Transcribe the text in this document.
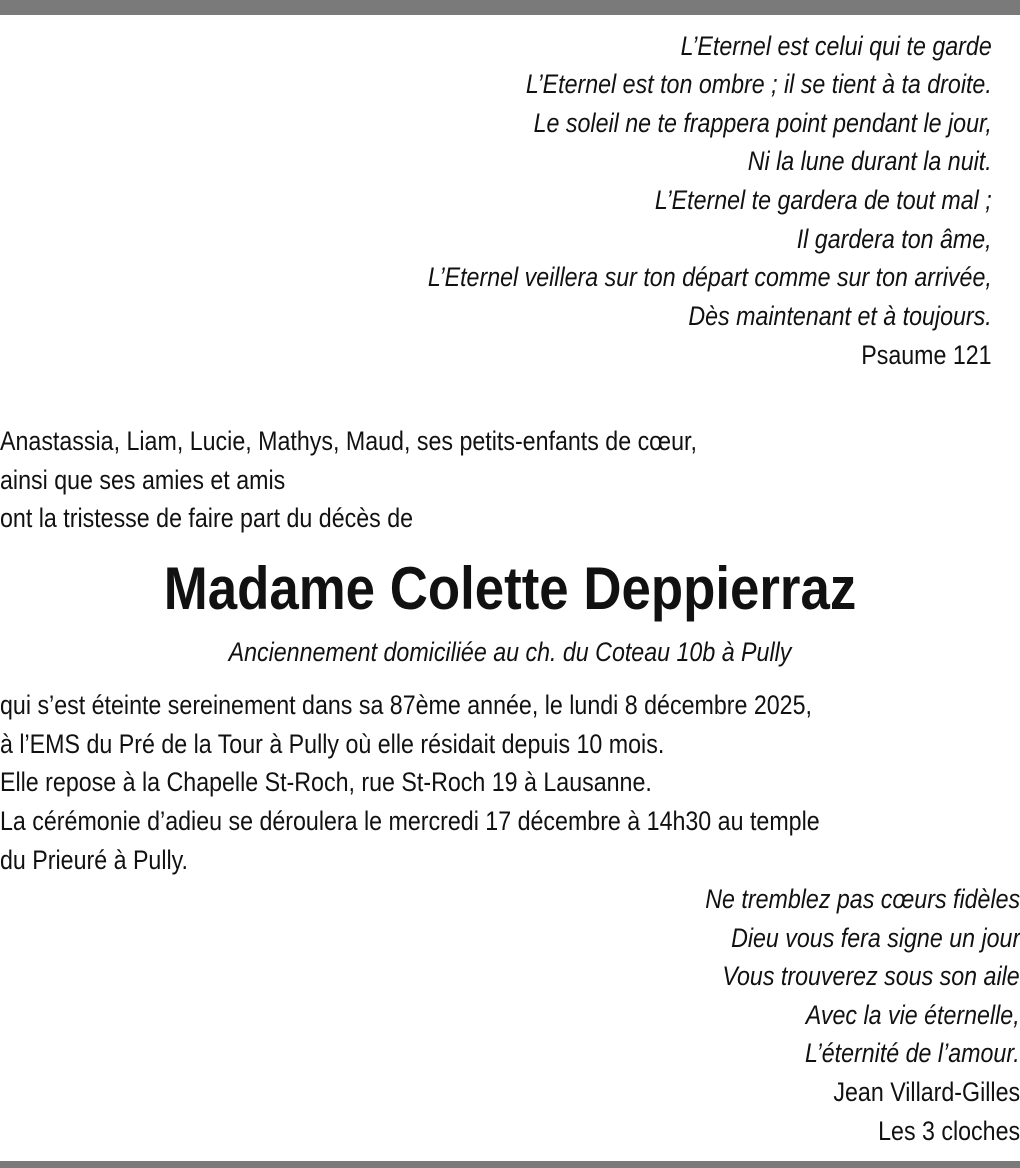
L’Eternel est celui qui te garde

L’Eternel est ton ombre ; il se tient à ta droite.

Le soleil ne te frappera point pendant le jour,

Ni la lune durant la nuit.

L’Eternel te gardera de tout mal ;

Il gardera ton âme,

L’Eternel veillera sur ton départ comme sur ton arrivée,

Dès maintenant et à toujours.

Psaume 121

Anastassia, Liam, Lucie, Mathys, Maud, ses petits-enfants de cœur,

ainsi que ses amies et amis

ont la tristesse de faire part du décès de

Madame Colette Deppierraz

Anciennement domiciliée au ch. du Coteau 10b à Pully

qui s’est éteinte sereinement dans sa 87ème année, le lundi 8 décembre 2025,

à l’EMS du Pré de la Tour à Pully où elle résidait depuis 10 mois.

Elle repose à la Chapelle St-Roch, rue St-Roch 19 à Lausanne.

La cérémonie d’adieu se déroulera le mercredi 17 décembre à 14h30 au temple

du Prieuré à Pully.

Ne tremblez pas cœurs fidèles

Dieu vous fera signe un jour

Vous trouverez sous son aile

Avec la vie éternelle,

L’éternité de l’amour.

Jean Villard-Gilles

Les 3 cloches
